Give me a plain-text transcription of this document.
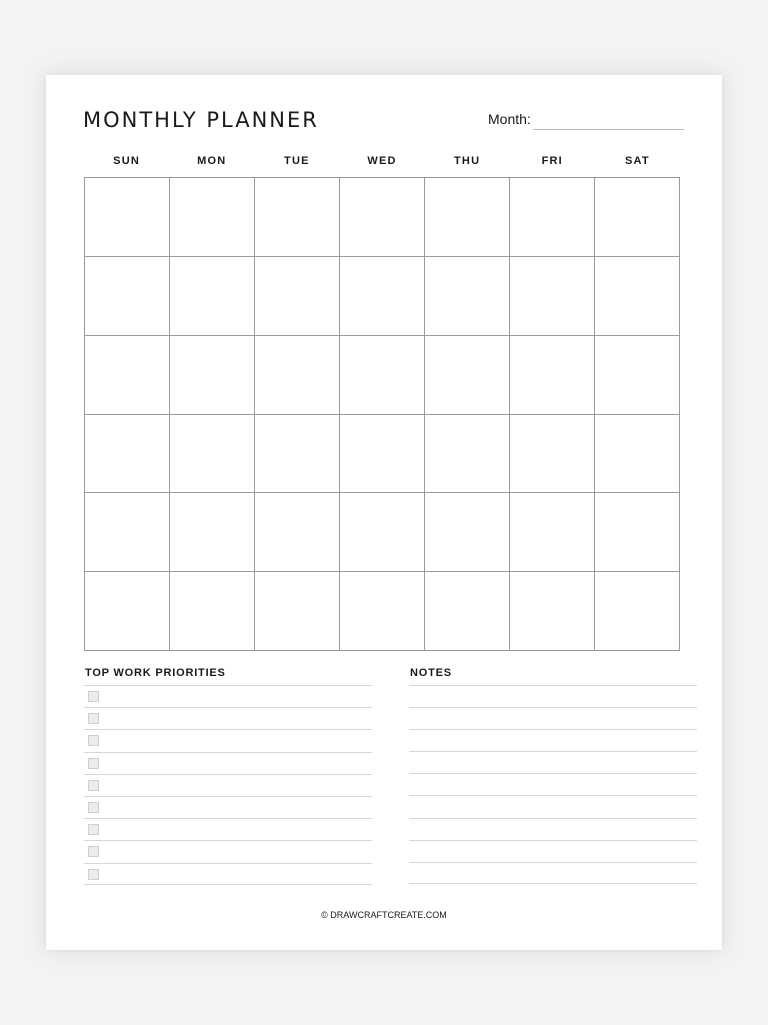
MONTHLY PLANNER	Month:
SUN	MON	TUE	WED	THU	FRI	SAT
TOP WORK PRIORITIES	NOTES
© DRAWCRAFTCREATE.COM
